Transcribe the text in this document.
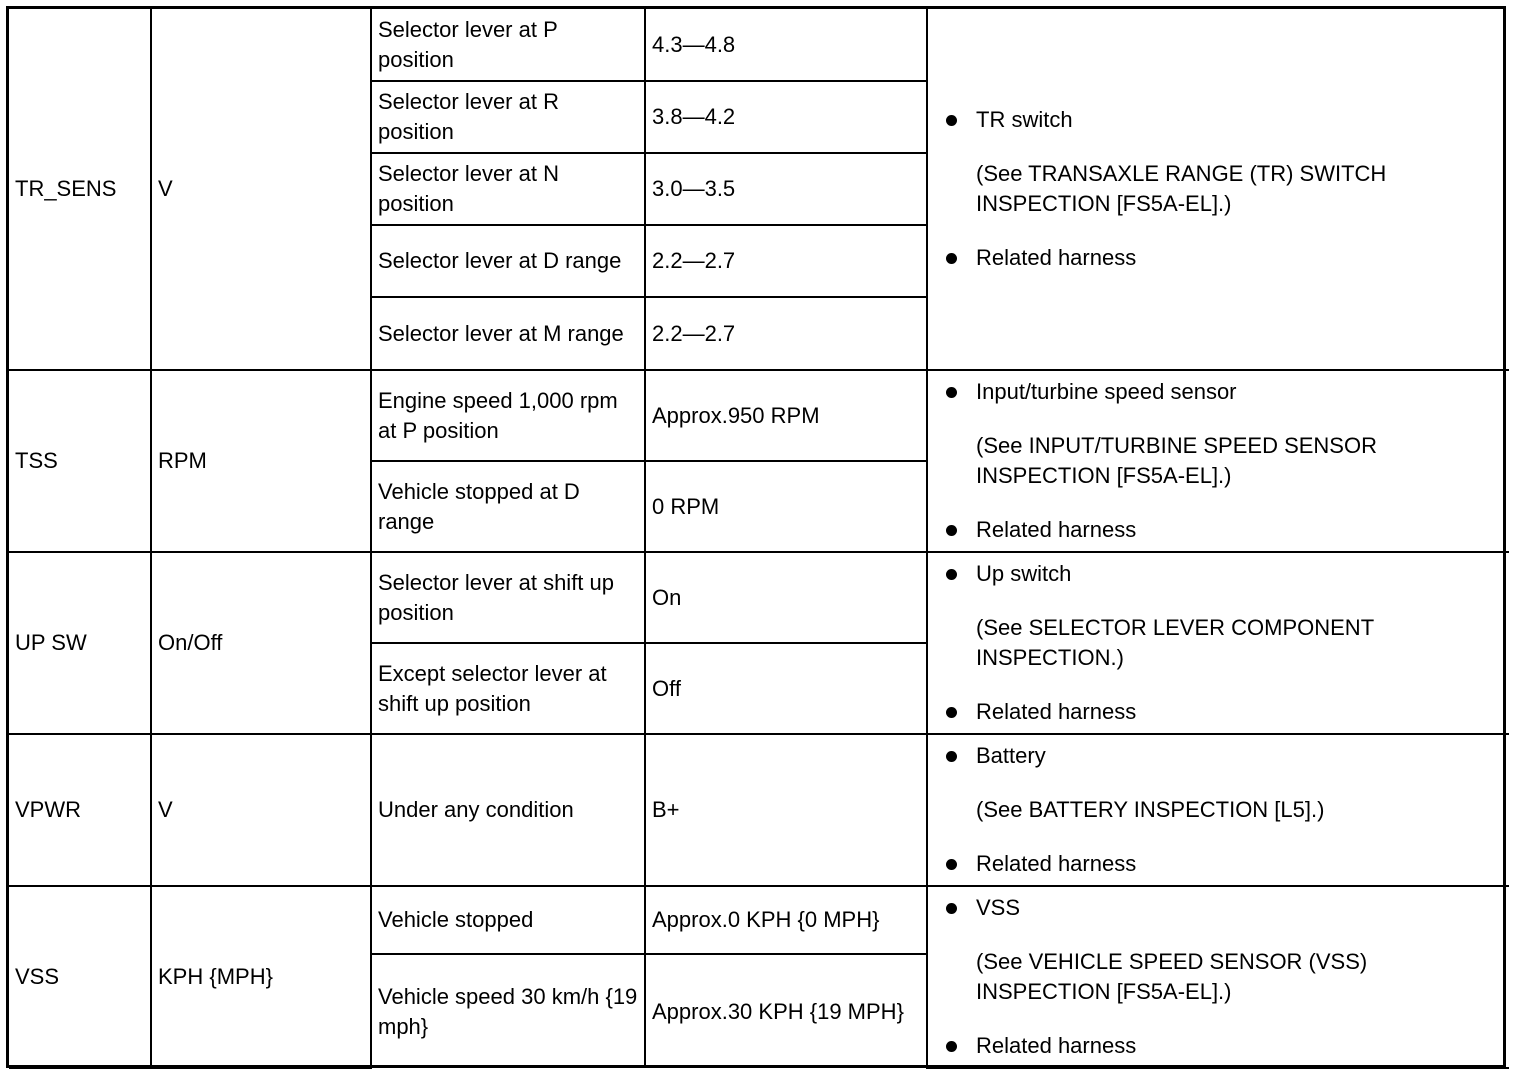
TR_SENS	V	Selector lever at P position	4.3—4.8	TR switch
(See TRANSAXLE RANGE (TR) SWITCH INSPECTION [FS5A-EL].)
Related harness

		Selector lever at R position	3.8—4.2	
		Selector lever at N position	3.0—3.5	
		Selector lever at D range	2.2—2.7	
		Selector lever at M range	2.2—2.7	
TSS	RPM	Engine speed 1,000 rpm at P position	Approx.950 RPM	Input/turbine speed sensor
(See INPUT/TURBINE SPEED SENSOR INSPECTION [FS5A-EL].)
Related harness

		Vehicle stopped at D range	0 RPM	
UP SW	On/Off	Selector lever at shift up position	On	Up switch
(See SELECTOR LEVER COMPONENT INSPECTION.)
Related harness

		Except selector lever at shift up position	Off	
VPWR	V	Under any condition	B+	Battery
(See BATTERY INSPECTION [L5].)
Related harness

VSS	KPH {MPH}	Vehicle stopped	Approx.0 KPH {0 MPH}	VSS
(See VEHICLE SPEED SENSOR (VSS) INSPECTION [FS5A-EL].)
Related harness

		Vehicle speed 30 km/h {19 mph}	Approx.30 KPH {19 MPH}	
